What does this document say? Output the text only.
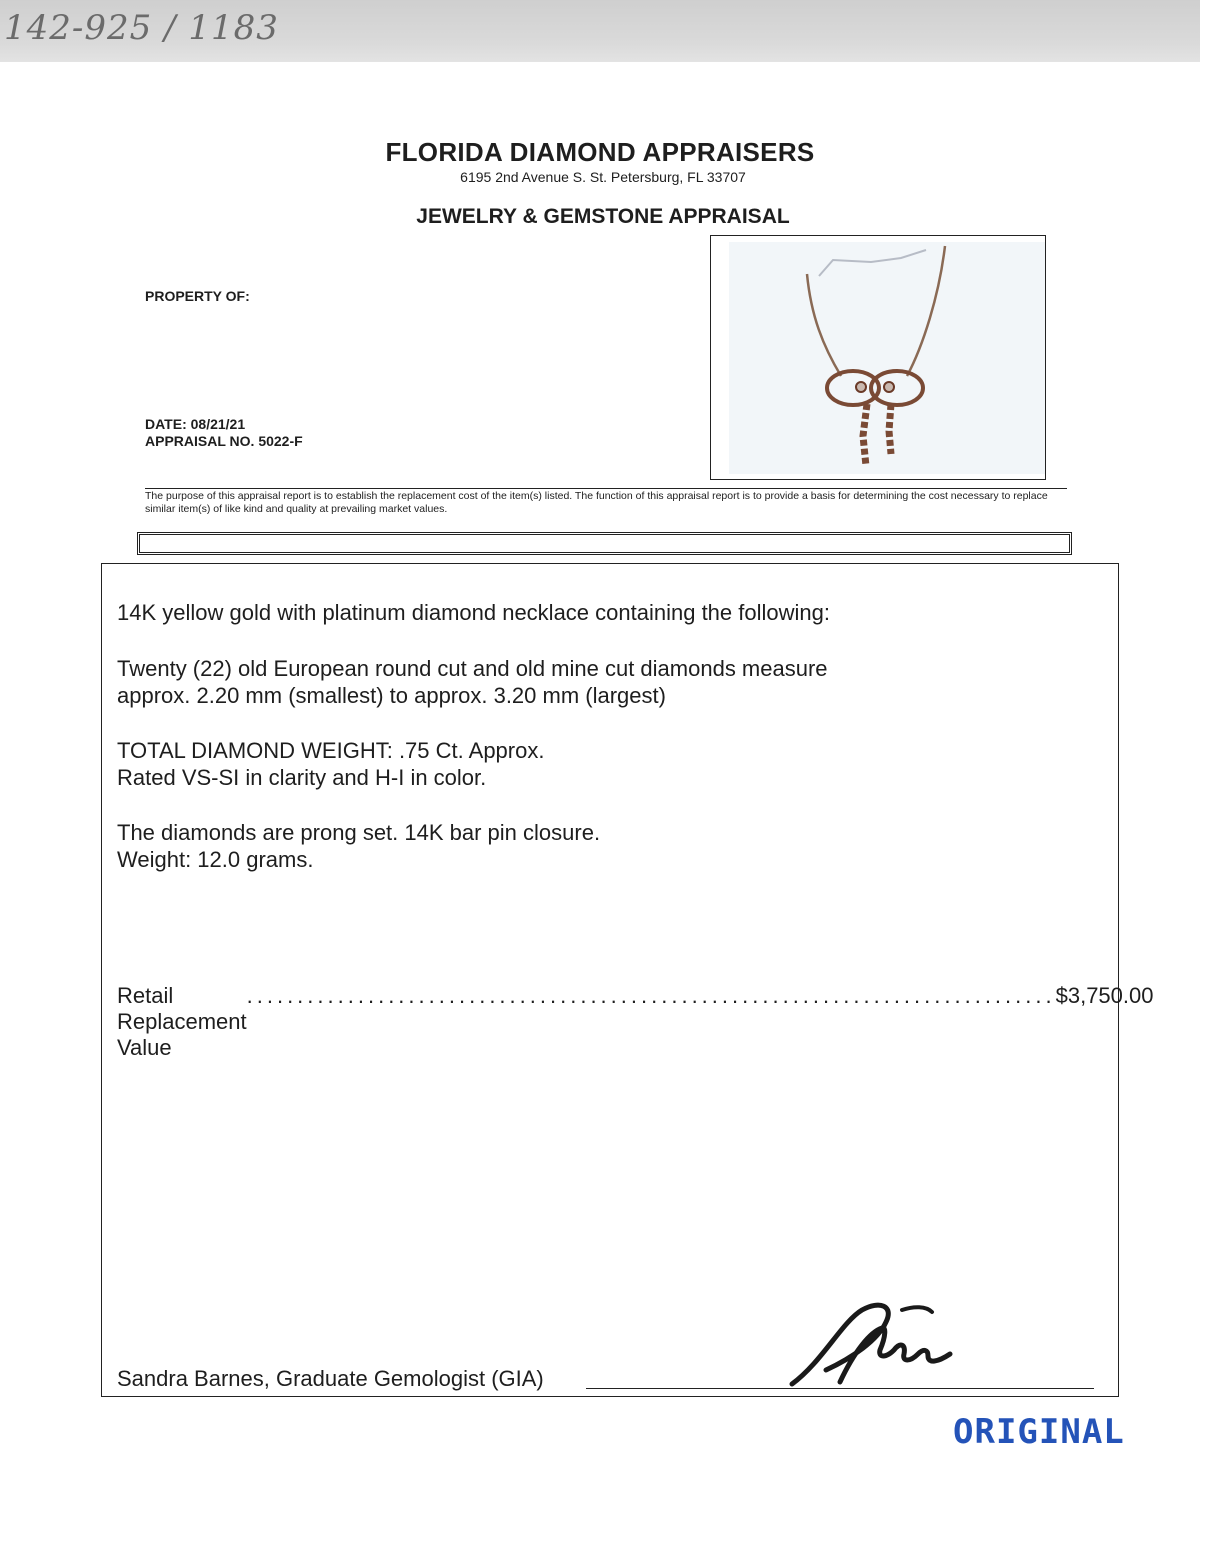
142-925 / 1183
FLORIDA DIAMOND APPRAISERS
6195 2nd Avenue S. St. Petersburg, FL 33707
JEWELRY & GEMSTONE APPRAISAL
PROPERTY OF:
DATE: 08/21/21
APPRAISAL NO. 5022-F
The purpose of this appraisal report is to establish the replacement cost of the item(s) listed. The function of this appraisal report is to provide a basis for determining the cost necessary to replace similar item(s) of like kind and quality at prevailing market values.
14K yellow gold with platinum diamond necklace containing the following:
Twenty (22) old European round cut and old mine cut diamonds measure
approx. 2.20 mm (smallest) to approx. 3.20 mm (largest)
TOTAL DIAMOND WEIGHT: .75 Ct. Approx.
Rated VS-SI in clarity and H-I in color.
The diamonds are prong set. 14K bar pin closure.
Weight: 12.0 grams.
Retail Replacement Value
................................................................................ $3,750.00
Sandra Barnes, Graduate Gemologist (GIA)
ORIGINAL
